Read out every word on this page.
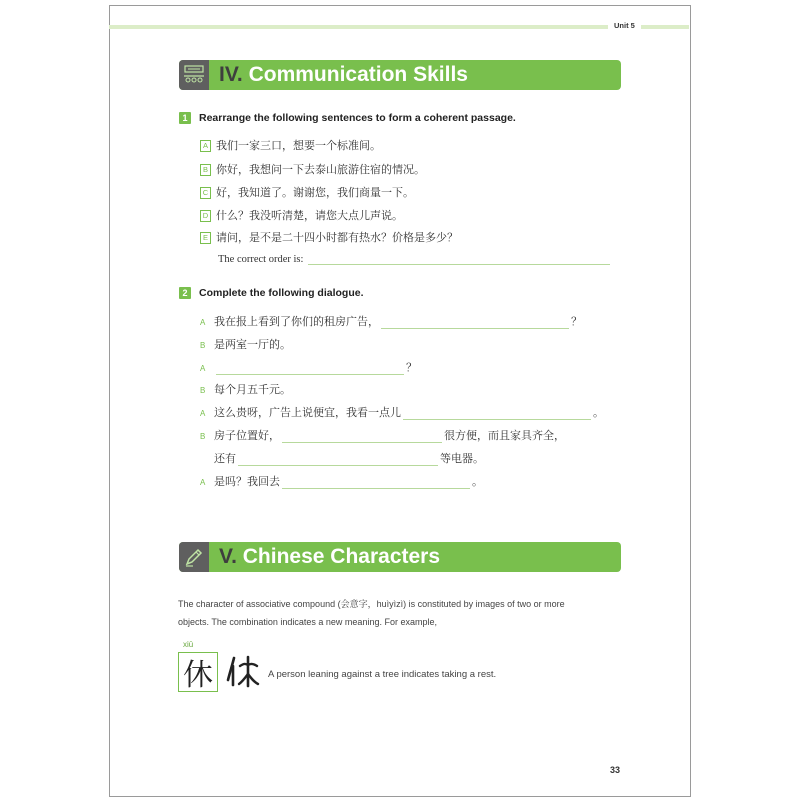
Unit 5
IV. Communication Skills
1	Rearrange the following sentences to form a coherent passage.
A 我们一家三口，想要一个标准间。
B 你好，我想问一下去泰山旅游住宿的情况。
C 好，我知道了。谢谢您，我们商量一下。
D 什么？我没听清楚，请您大点儿声说。
E 请问，是不是二十四小时都有热水？价格是多少？
The correct order is:
2	Complete the following dialogue.
A 我在报上看到了你们的租房广告，	？
B 是两室一厅的。
A	？
B 每个月五千元。
A 这么贵呀，广告上说便宜，我看一点儿	。
B 房子位置好，	很方便，而且家具齐全，
还有	等电器。
A 是吗？我回去	。
V. Chinese Characters
The character of associative compound (会意字，huìyìzì) is constituted by images of two or more
objects. The combination indicates a new meaning. For example,
xiū
休	A person leaning against a tree indicates taking a rest.
33
